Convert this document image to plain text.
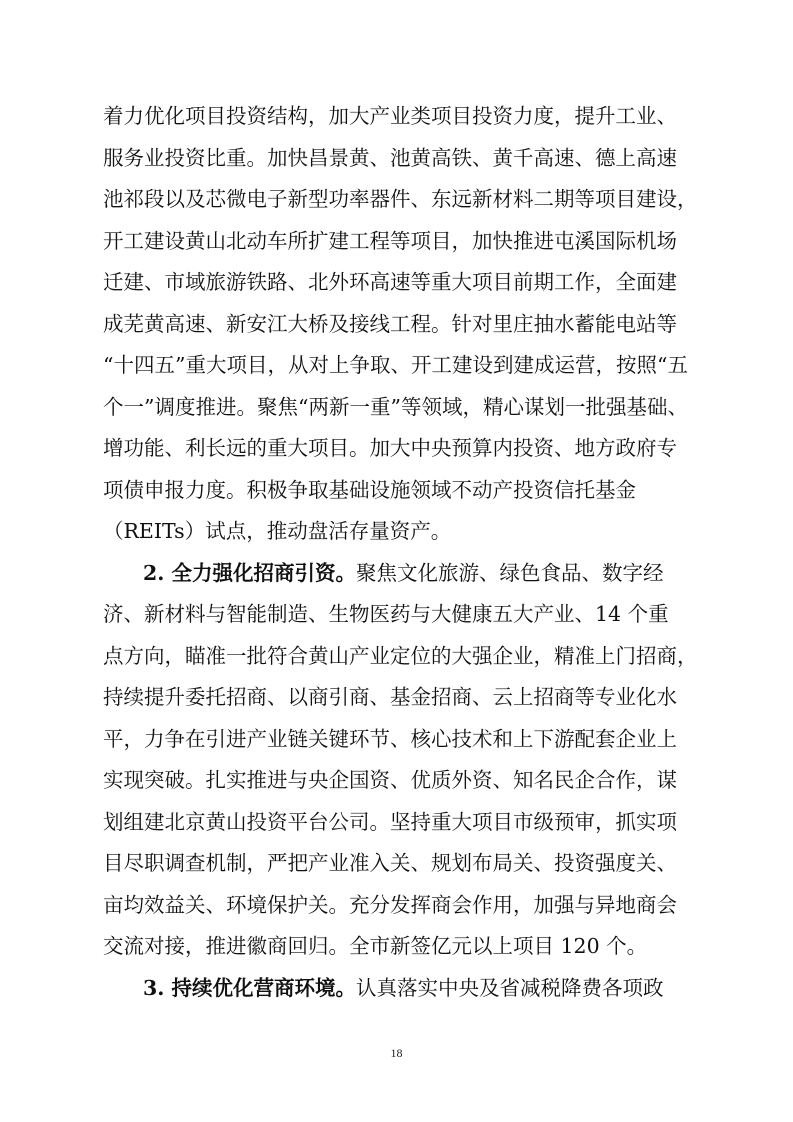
着力优化项目投资结构，加大产业类项目投资力度，提升工业、
服务业投资比重。加快昌景黄、池黄高铁、黄千高速、德上高速
池祁段以及芯微电子新型功率器件、东远新材料二期等项目建设，
开工建设黄山北动车所扩建工程等项目，加快推进屯溪国际机场
迁建、市域旅游铁路、北外环高速等重大项目前期工作，全面建
成芜黄高速、新安江大桥及接线工程。针对里庄抽水蓄能电站等
“十四五”重大项目，从对上争取、开工建设到建成运营，按照“五
个一”调度推进。聚焦“两新一重”等领域，精心谋划一批强基础、
增功能、利长远的重大项目。加大中央预算内投资、地方政府专
项债申报力度。积极争取基础设施领域不动产投资信托基金
（REITs）试点，推动盘活存量资产。
2. 全力强化招商引资。 聚焦文化旅游、绿色食品、数字经
济、新材料与智能制造、生物医药与大健康五大产业、14 个重
点方向，瞄准一批符合黄山产业定位的大强企业，精准上门招商，
持续提升委托招商、以商引商、基金招商、云上招商等专业化水
平，力争在引进产业链关键环节、核心技术和上下游配套企业上
实现突破。扎实推进与央企国资、优质外资、知名民企合作，谋
划组建北京黄山投资平台公司。坚持重大项目市级预审，抓实项
目尽职调查机制，严把产业准入关、规划布局关、投资强度关、
亩均效益关、环境保护关。充分发挥商会作用，加强与异地商会
交流对接，推进徽商回归。全市新签亿元以上项目 120 个。
3. 持续优化营商环境。 认真落实中央及省减税降费各项政
18
